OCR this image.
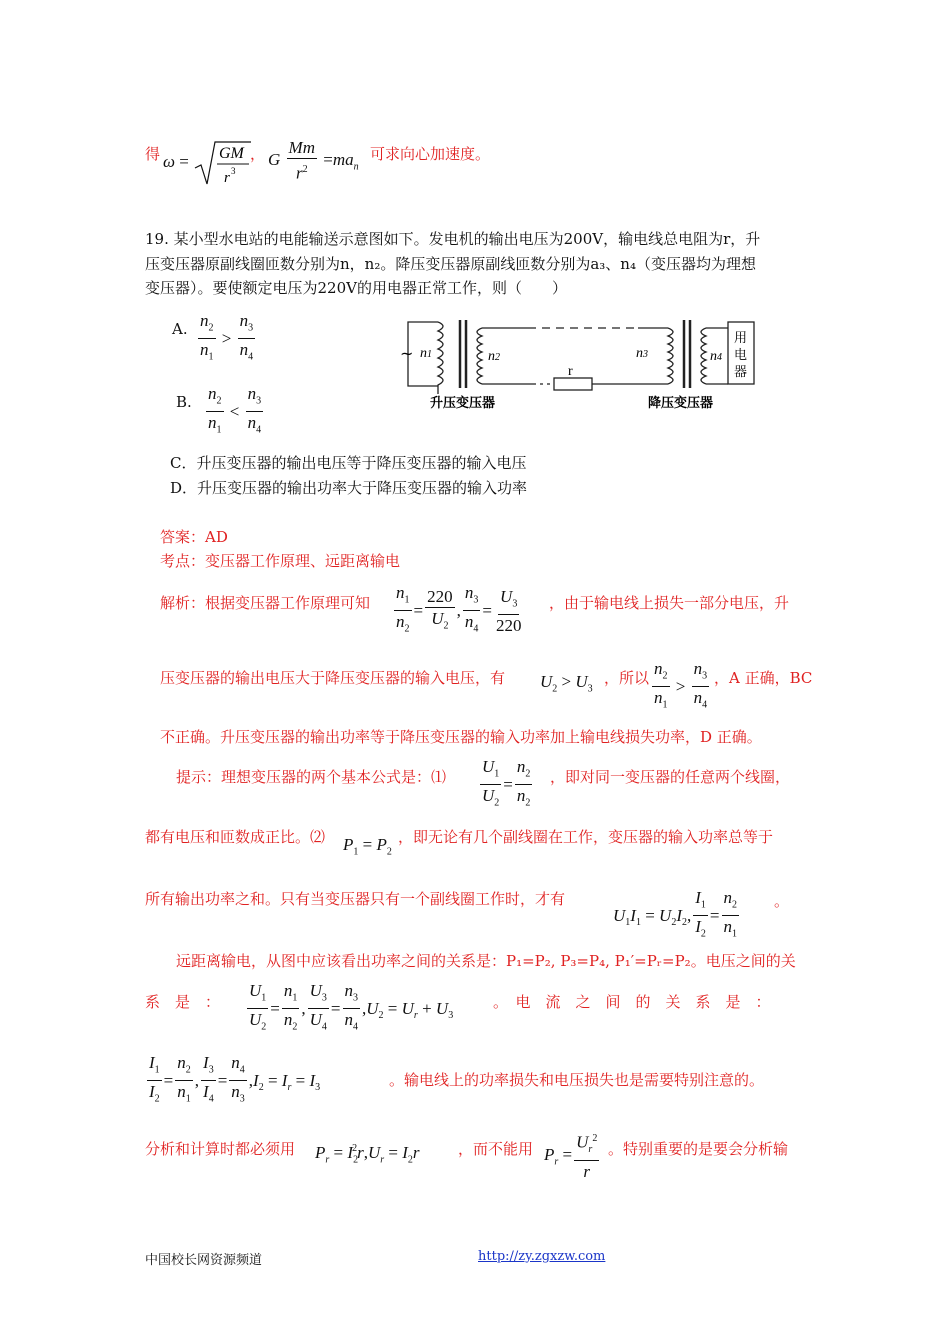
得 ω = GM
r 3
， G $\frac{Mm}{r^2} =ma_n$
可求向心加速度。
19. 某小型水电站的电能输送示意图如下。发电机的输出电压为200V，输电线总电阻为r，升
压变压器原副线圈匝数分别为n，n₂。降压变压器原副线匝数分别为a₃、n₄（变压器均为理想
变压器）。要使额定电压为220V的用电器正常工作，则（　　）
A. $\frac{n_2}{n_1} > \frac{n_3}{n_4}$
B. $\frac{n_2}{n_1} < \frac{n_3}{n_4}$
~ n1	n2	n3	n4
r
用
电
器
升压变压器	降压变压器
C．升压变压器的输出电压等于降压变压器的输入电压
D．升压变压器的输出功率大于降压变压器的输入功率
答案：AD
考点：变压器工作原理、远距离输电
解析：根据变压器工作原理可知 $\frac{n_1}{n_2} = \frac{220}{U_2}$ , $\frac{n_3}{n_4} = \frac{U_3}{220}$ ，由于输电线上损失一部分电压，升
压变压器的输出电压大于降压变压器的输入电压，有 $U_2 > U_3$
，所以 $\frac{n_2}{n_1} > \frac{n_3}{n_4}$ ，A 正确，BC
不正确。升压变压器的输出功率等于降压变压器的输入功率加上输电线损失功率，D 正确。
提示：理想变压器的两个基本公式是：⑴ $\frac{U_1}{U_2} = \frac{n_2}{n_2}$ ，即对同一变压器的任意两个线圈，
都有电压和匝数成正比。⑵ $P_1 = P_2$
，即无论有几个副线圈在工作，变压器的输入功率总等于
所有输出功率之和。只有当变压器只有一个副线圈工作时，才有
$U_1I_1 = U_2I_2$, $\frac{I_1}{I_2} = \frac{n_2}{n_1}$ 。
远距离输电，从图中应该看出功率之间的关系是：P₁=P₂, P₃=P₄, P₁′=Pᵣ=P₂。电压之间的关
系　是　： $\frac{U_1}{U_2} = \frac{n_1}{n_2}$ , $\frac{U_3}{U_4} = \frac{n_3}{n_4} ,U_2 = U_r + U_3$
。　电　流　之　间　的　关　系　是　：
$\frac{I_1}{I_2} = \frac{n_2}{n_1}$ , $\frac{I_3}{I_4} = \frac{n_4}{n_3} ,I_2 = I_r = I_3$	。输电线上的功率损失和电压损失也是需要特别注意的。
分析和计算时都必须用 $P_r = I_2^2r,U_r = I_2r$	，而不能用 $P_r = \frac{U_r^2}{r}$ 。特别重要的是要会分析输
中国校长网资源频道	http://zy.zgxzw.com
